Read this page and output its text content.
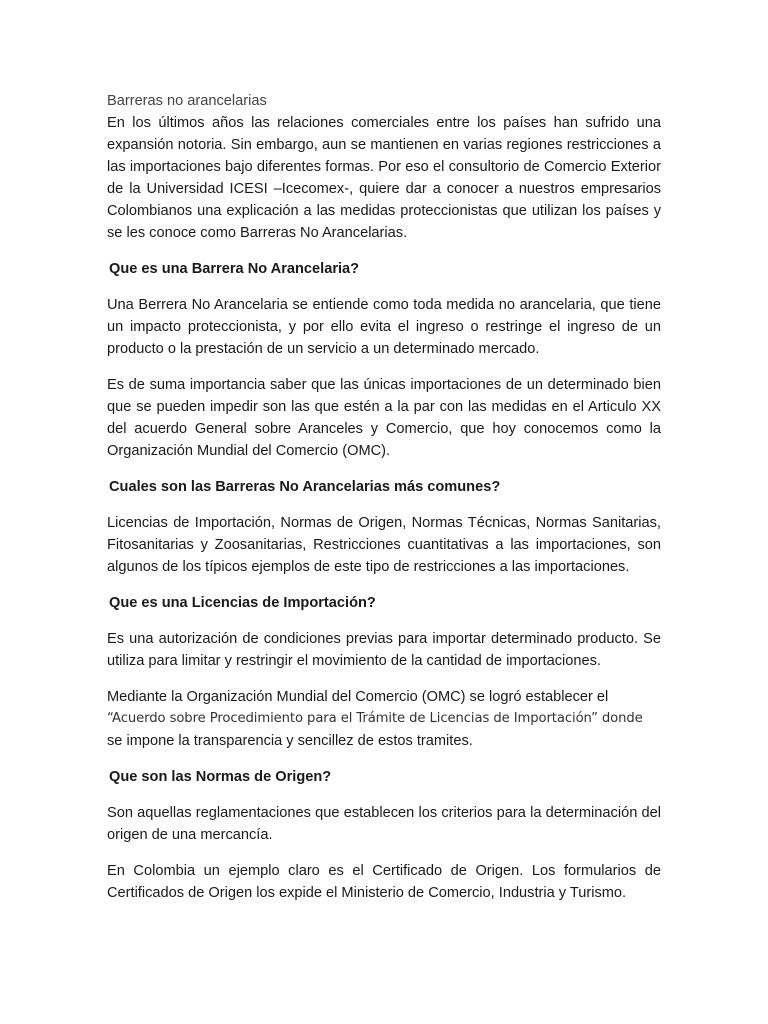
Barreras no arancelarias

En los últimos años las relaciones comerciales entre los países han sufrido una expansión notoria. Sin embargo, aun se mantienen en varias regiones restricciones a las importaciones bajo diferentes formas. Por eso el consultorio de Comercio Exterior de la Universidad ICESI –Icecomex-, quiere dar a conocer a nuestros empresarios Colombianos una explicación a las medidas proteccionistas que utilizan los países y se les conoce como Barreras No Arancelarias.

Que es una Barrera No Arancelaria?

Una Berrera No Arancelaria se entiende como toda medida no arancelaria, que tiene un impacto proteccionista, y por ello evita el ingreso o restringe el ingreso de un producto o la prestación de un servicio a un determinado mercado.

Es de suma importancia saber que las únicas importaciones de un determinado bien que se pueden impedir son las que estén a la par con las medidas en el Articulo XX del acuerdo General sobre Aranceles y Comercio, que hoy conocemos como la Organización Mundial del Comercio (OMC).

Cuales son las Barreras No Arancelarias más comunes?

Licencias de Importación, Normas de Origen, Normas Técnicas, Normas Sanitarias, Fitosanitarias y Zoosanitarias, Restricciones cuantitativas a las importaciones, son algunos de los típicos ejemplos de este tipo de restricciones a las importaciones.

Que es una Licencias de Importación?

Es una autorización de condiciones previas para importar determinado producto. Se utiliza para limitar y restringir el movimiento de la cantidad de importaciones.

Mediante la Organización Mundial del Comercio (OMC) se logró establecer el

“Acuerdo sobre Procedimiento para el Trámite de Licencias de Importación” donde

se impone la transparencia y sencillez de estos tramites.

Que son las Normas de Origen?

Son aquellas reglamentaciones que establecen los criterios para la determinación del origen de una mercancía.

En Colombia un ejemplo claro es el Certificado de Origen. Los formularios de Certificados de Origen los expide el Ministerio de Comercio, Industria y Turismo.
